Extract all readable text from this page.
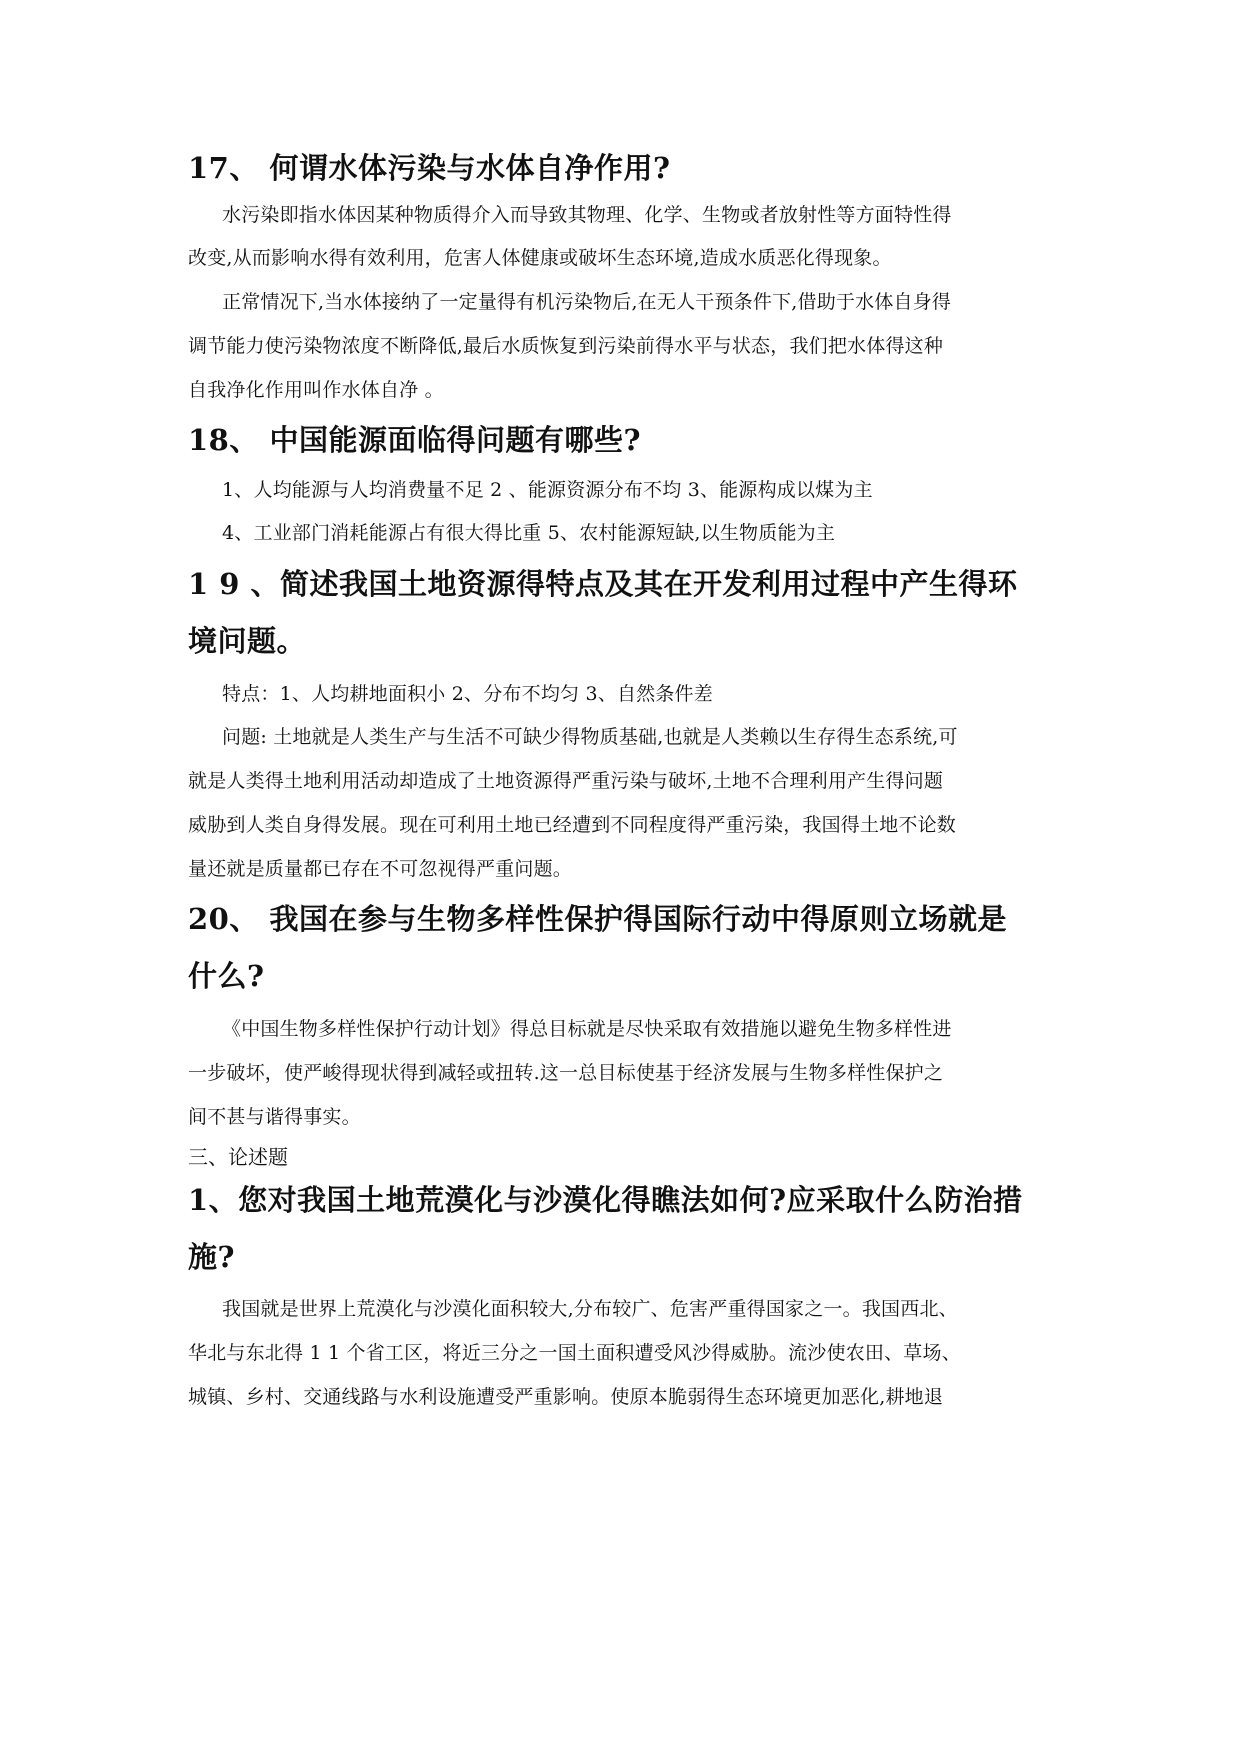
17、 何谓水体污染与水体自净作用?
水污染即指水体因某种物质得介入而导致其物理、化学、生物或者放射性等方面特性得
改变,从而影响水得有效利用，危害人体健康或破坏生态环境,造成水质恶化得现象。
正常情况下,当水体接纳了一定量得有机污染物后,在无人干预条件下,借助于水体自身得
调节能力使污染物浓度不断降低,最后水质恢复到污染前得水平与状态，我们把水体得这种
自我净化作用叫作水体自净 。
18、 中国能源面临得问题有哪些?
1、人均能源与人均消费量不足 2 、能源资源分布不均 3、能源构成以煤为主
4、工业部门消耗能源占有很大得比重 5、农村能源短缺,以生物质能为主
1 9 、简述我国土地资源得特点及其在开发利用过程中产生得环
境问题。
特点：1、人均耕地面积小 2、分布不均匀 3、自然条件差
问题: 土地就是人类生产与生活不可缺少得物质基础,也就是人类赖以生存得生态系统,可
就是人类得土地利用活动却造成了土地资源得严重污染与破坏,土地不合理利用产生得问题
威胁到人类自身得发展。现在可利用土地已经遭到不同程度得严重污染，我国得土地不论数
量还就是质量都已存在不可忽视得严重问题。
20、 我国在参与生物多样性保护得国际行动中得原则立场就是
什么?
《中国生物多样性保护行动计划》得总目标就是尽快采取有效措施以避免生物多样性进
一步破坏，使严峻得现状得到减轻或扭转.这一总目标使基于经济发展与生物多样性保护之
间不甚与谐得事实。
三、论述题
1、您对我国土地荒漠化与沙漠化得瞧法如何?应采取什么防治措
施?
我国就是世界上荒漠化与沙漠化面积较大,分布较广、危害严重得国家之一。我国西北、
华北与东北得 1 1 个省工区，将近三分之一国土面积遭受风沙得威胁。流沙使农田、草场、
城镇、乡村、交通线路与水利设施遭受严重影响。使原本脆弱得生态环境更加恶化,耕地退
